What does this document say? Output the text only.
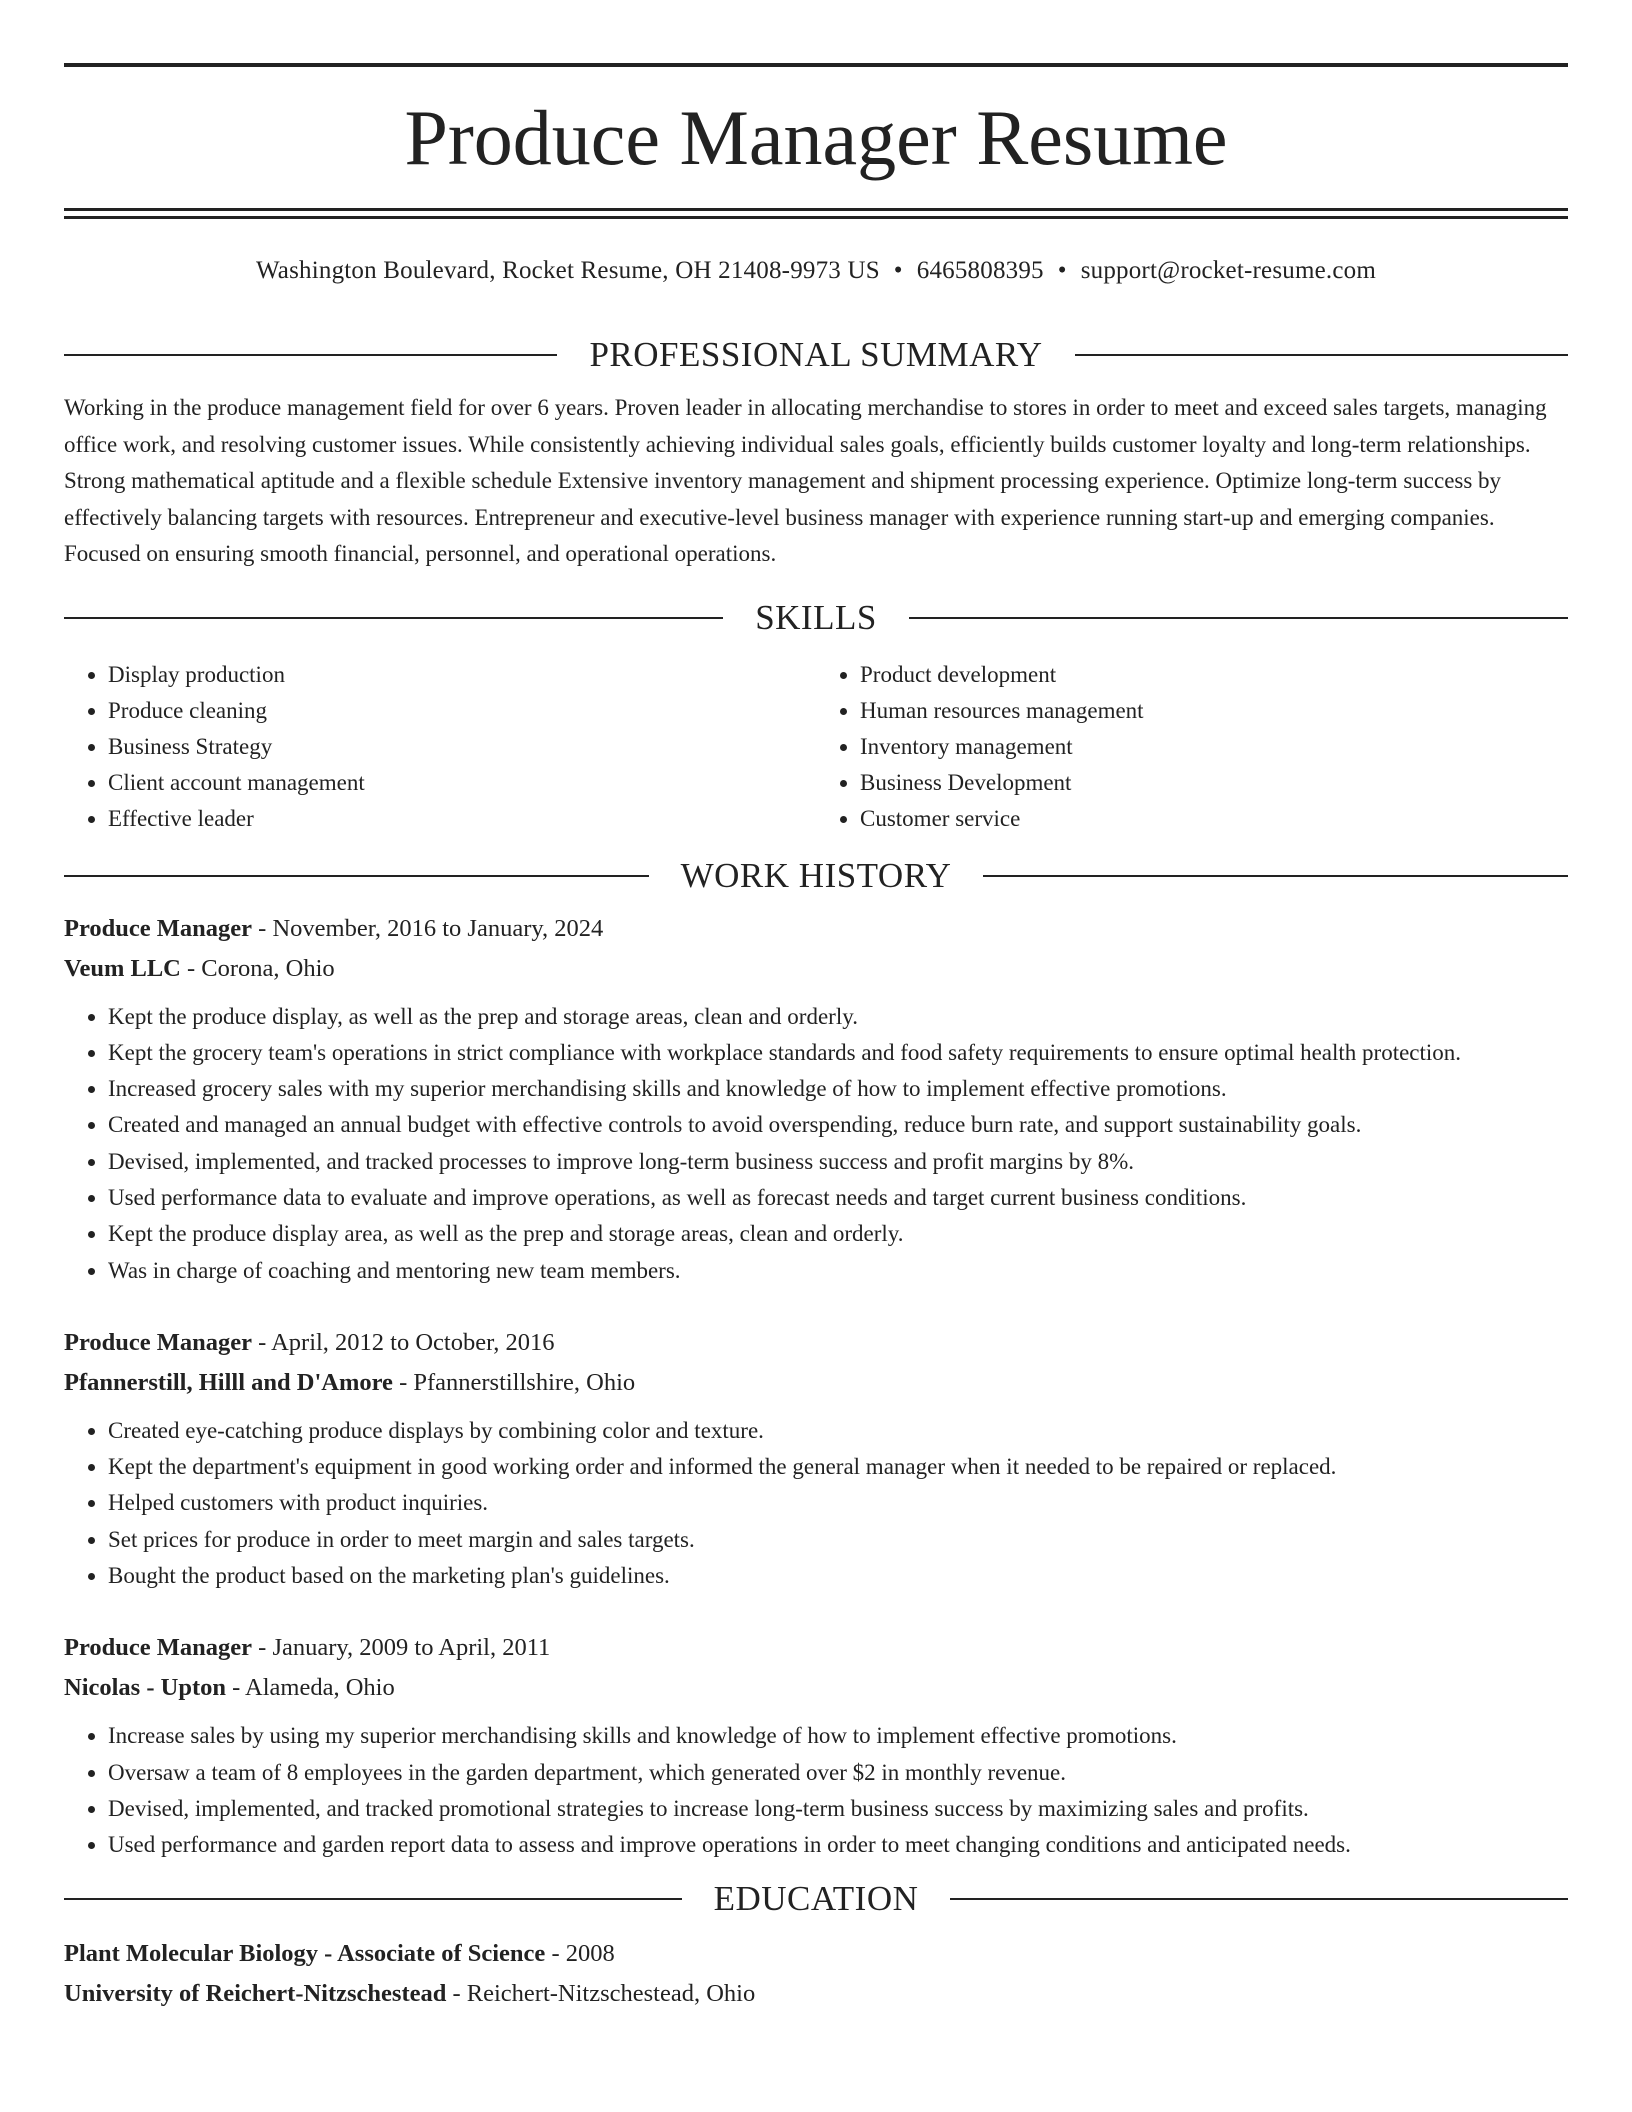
Produce Manager Resume
Washington Boulevard, Rocket Resume, OH 21408-9973 US • 6465808395 • support@rocket-resume.com
PROFESSIONAL SUMMARY

Working in the produce management field for over 6 years. Proven leader in allocating merchandise to stores in order to meet and exceed sales targets, managing office work, and resolving customer issues. While consistently achieving individual sales goals, efficiently builds customer loyalty and long-term relationships. Strong mathematical aptitude and a flexible schedule Extensive inventory management and shipment processing experience. Optimize long-term success by effectively balancing targets with resources. Entrepreneur and executive-level business manager with experience running start-up and emerging companies. Focused on ensuring smooth financial, personnel, and operational operations.

SKILLS
• Display production
• Produce cleaning
• Business Strategy
• Client account management
• Effective leader
• Product development
• Human resources management
• Inventory management
• Business Development
• Customer service
WORK HISTORY
Produce Manager - November, 2016 to January, 2024
Veum LLC - Corona, Ohio
• Kept the produce display, as well as the prep and storage areas, clean and orderly.
• Kept the grocery team's operations in strict compliance with workplace standards and food safety requirements to ensure optimal health protection.
• Increased grocery sales with my superior merchandising skills and knowledge of how to implement effective promotions.
• Created and managed an annual budget with effective controls to avoid overspending, reduce burn rate, and support sustainability goals.
• Devised, implemented, and tracked processes to improve long-term business success and profit margins by 8%.
• Used performance data to evaluate and improve operations, as well as forecast needs and target current business conditions.
• Kept the produce display area, as well as the prep and storage areas, clean and orderly.
• Was in charge of coaching and mentoring new team members.
Produce Manager - April, 2012 to October, 2016
Pfannerstill, Hilll and D'Amore - Pfannerstillshire, Ohio
• Created eye-catching produce displays by combining color and texture.
• Kept the department's equipment in good working order and informed the general manager when it needed to be repaired or replaced.
• Helped customers with product inquiries.
• Set prices for produce in order to meet margin and sales targets.
• Bought the product based on the marketing plan's guidelines.
Produce Manager - January, 2009 to April, 2011
Nicolas - Upton - Alameda, Ohio
• Increase sales by using my superior merchandising skills and knowledge of how to implement effective promotions.
• Oversaw a team of 8 employees in the garden department, which generated over $2 in monthly revenue.
• Devised, implemented, and tracked promotional strategies to increase long-term business success by maximizing sales and profits.
• Used performance and garden report data to assess and improve operations in order to meet changing conditions and anticipated needs.
EDUCATION
Plant Molecular Biology - Associate of Science - 2008
University of Reichert-Nitzschestead - Reichert-Nitzschestead, Ohio
